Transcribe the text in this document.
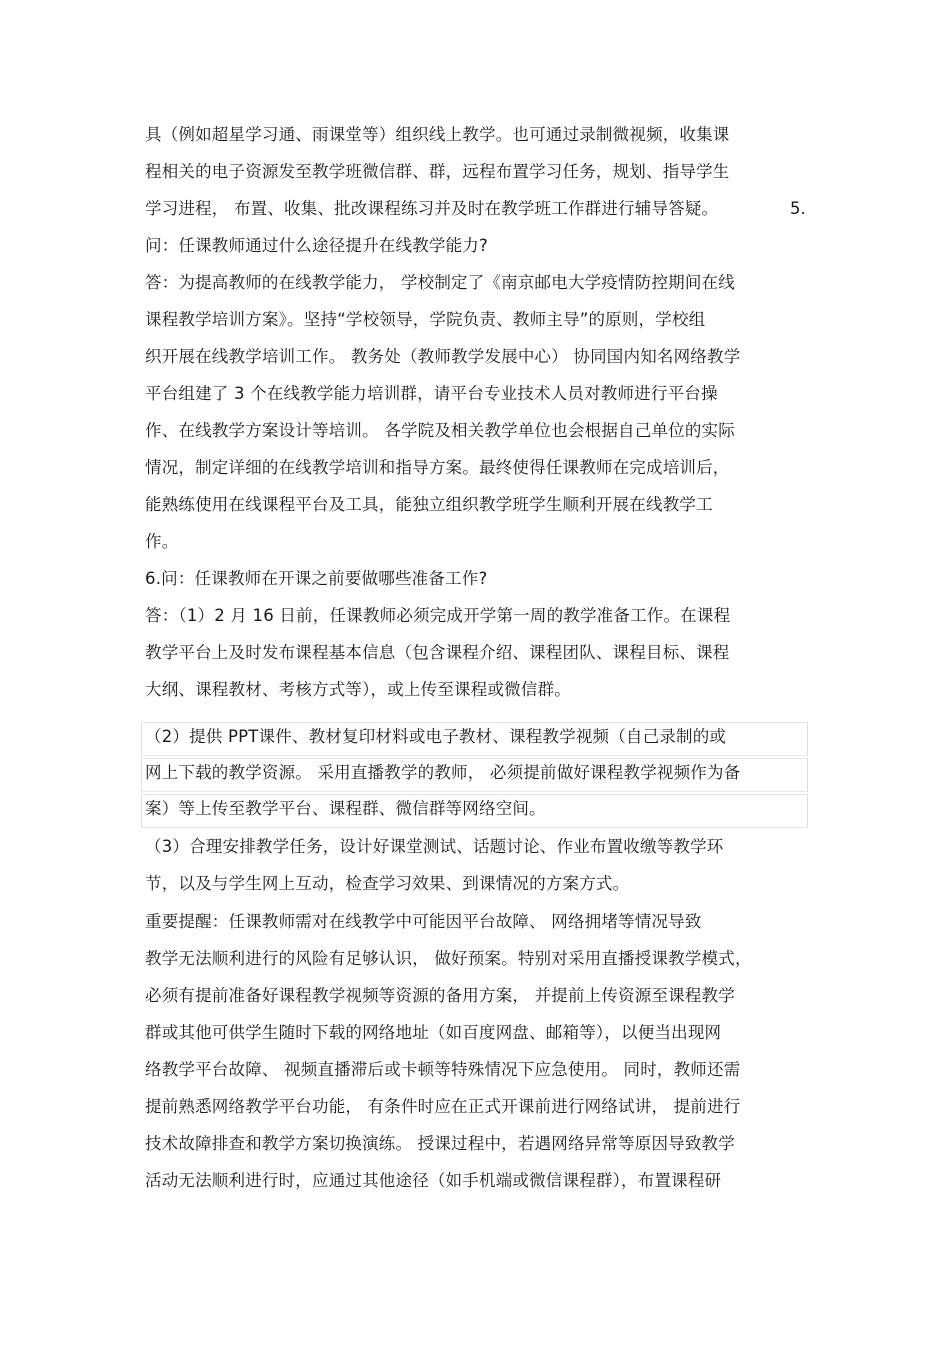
具（例如超星学习通、雨课堂等）组织线上教学。也可通过录制微视频，收集课
程相关的电子资源发至教学班微信群、群，远程布置学习任务，规划、指导学生
学习进程， 布置、收集、批改课程练习并及时在教学班工作群进行辅导答疑。	5.
问：任课教师通过什么途径提升在线教学能力?
答：为提高教师的在线教学能力， 学校制定了《南京邮电大学疫情防控期间在线
课程教学培训方案》。坚持“学校领导，学院负责、教师主导”的原则，学校组
织开展在线教学培训工作。 教务处（教师教学发展中心） 协同国内知名网络教学
平台组建了 3 个在线教学能力培训群，请平台专业技术人员对教师进行平台操
作、在线教学方案设计等培训。 各学院及相关教学单位也会根据自己单位的实际
情况，制定详细的在线教学培训和指导方案。最终使得任课教师在完成培训后，
能熟练使用在线课程平台及工具，能独立组织教学班学生顺利开展在线教学工
作。
6.问：任课教师在开课之前要做哪些准备工作?
答：（1）2 月 16 日前，任课教师必须完成开学第一周的教学准备工作。在课程
教学平台上及时发布课程基本信息（包含课程介绍、课程团队、课程目标、课程
大纲、课程教材、考核方式等），或上传至课程或微信群。
（2）提供 PPT课件、教材复印材料或电子教材、课程教学视频（自己录制的或
网上下载的教学资源。 采用直播教学的教师， 必须提前做好课程教学视频作为备
案）等上传至教学平台、课程群、微信群等网络空间。
（3）合理安排教学任务，设计好课堂测试、话题讨论、作业布置收缴等教学环
节，以及与学生网上互动，检查学习效果、到课情况的方案方式。
重要提醒：任课教师需对在线教学中可能因平台故障、 网络拥堵等情况导致
教学无法顺利进行的风险有足够认识， 做好预案。特别对采用直播授课教学模式，
必须有提前准备好课程教学视频等资源的备用方案， 并提前上传资源至课程教学
群或其他可供学生随时下载的网络地址（如百度网盘、邮箱等），以便当出现网
络教学平台故障、 视频直播滞后或卡顿等特殊情况下应急使用。 同时，教师还需
提前熟悉网络教学平台功能， 有条件时应在正式开课前进行网络试讲， 提前进行
技术故障排查和教学方案切换演练。 授课过程中，若遇网络异常等原因导致教学
活动无法顺利进行时，应通过其他途径（如手机端或微信课程群），布置课程研
